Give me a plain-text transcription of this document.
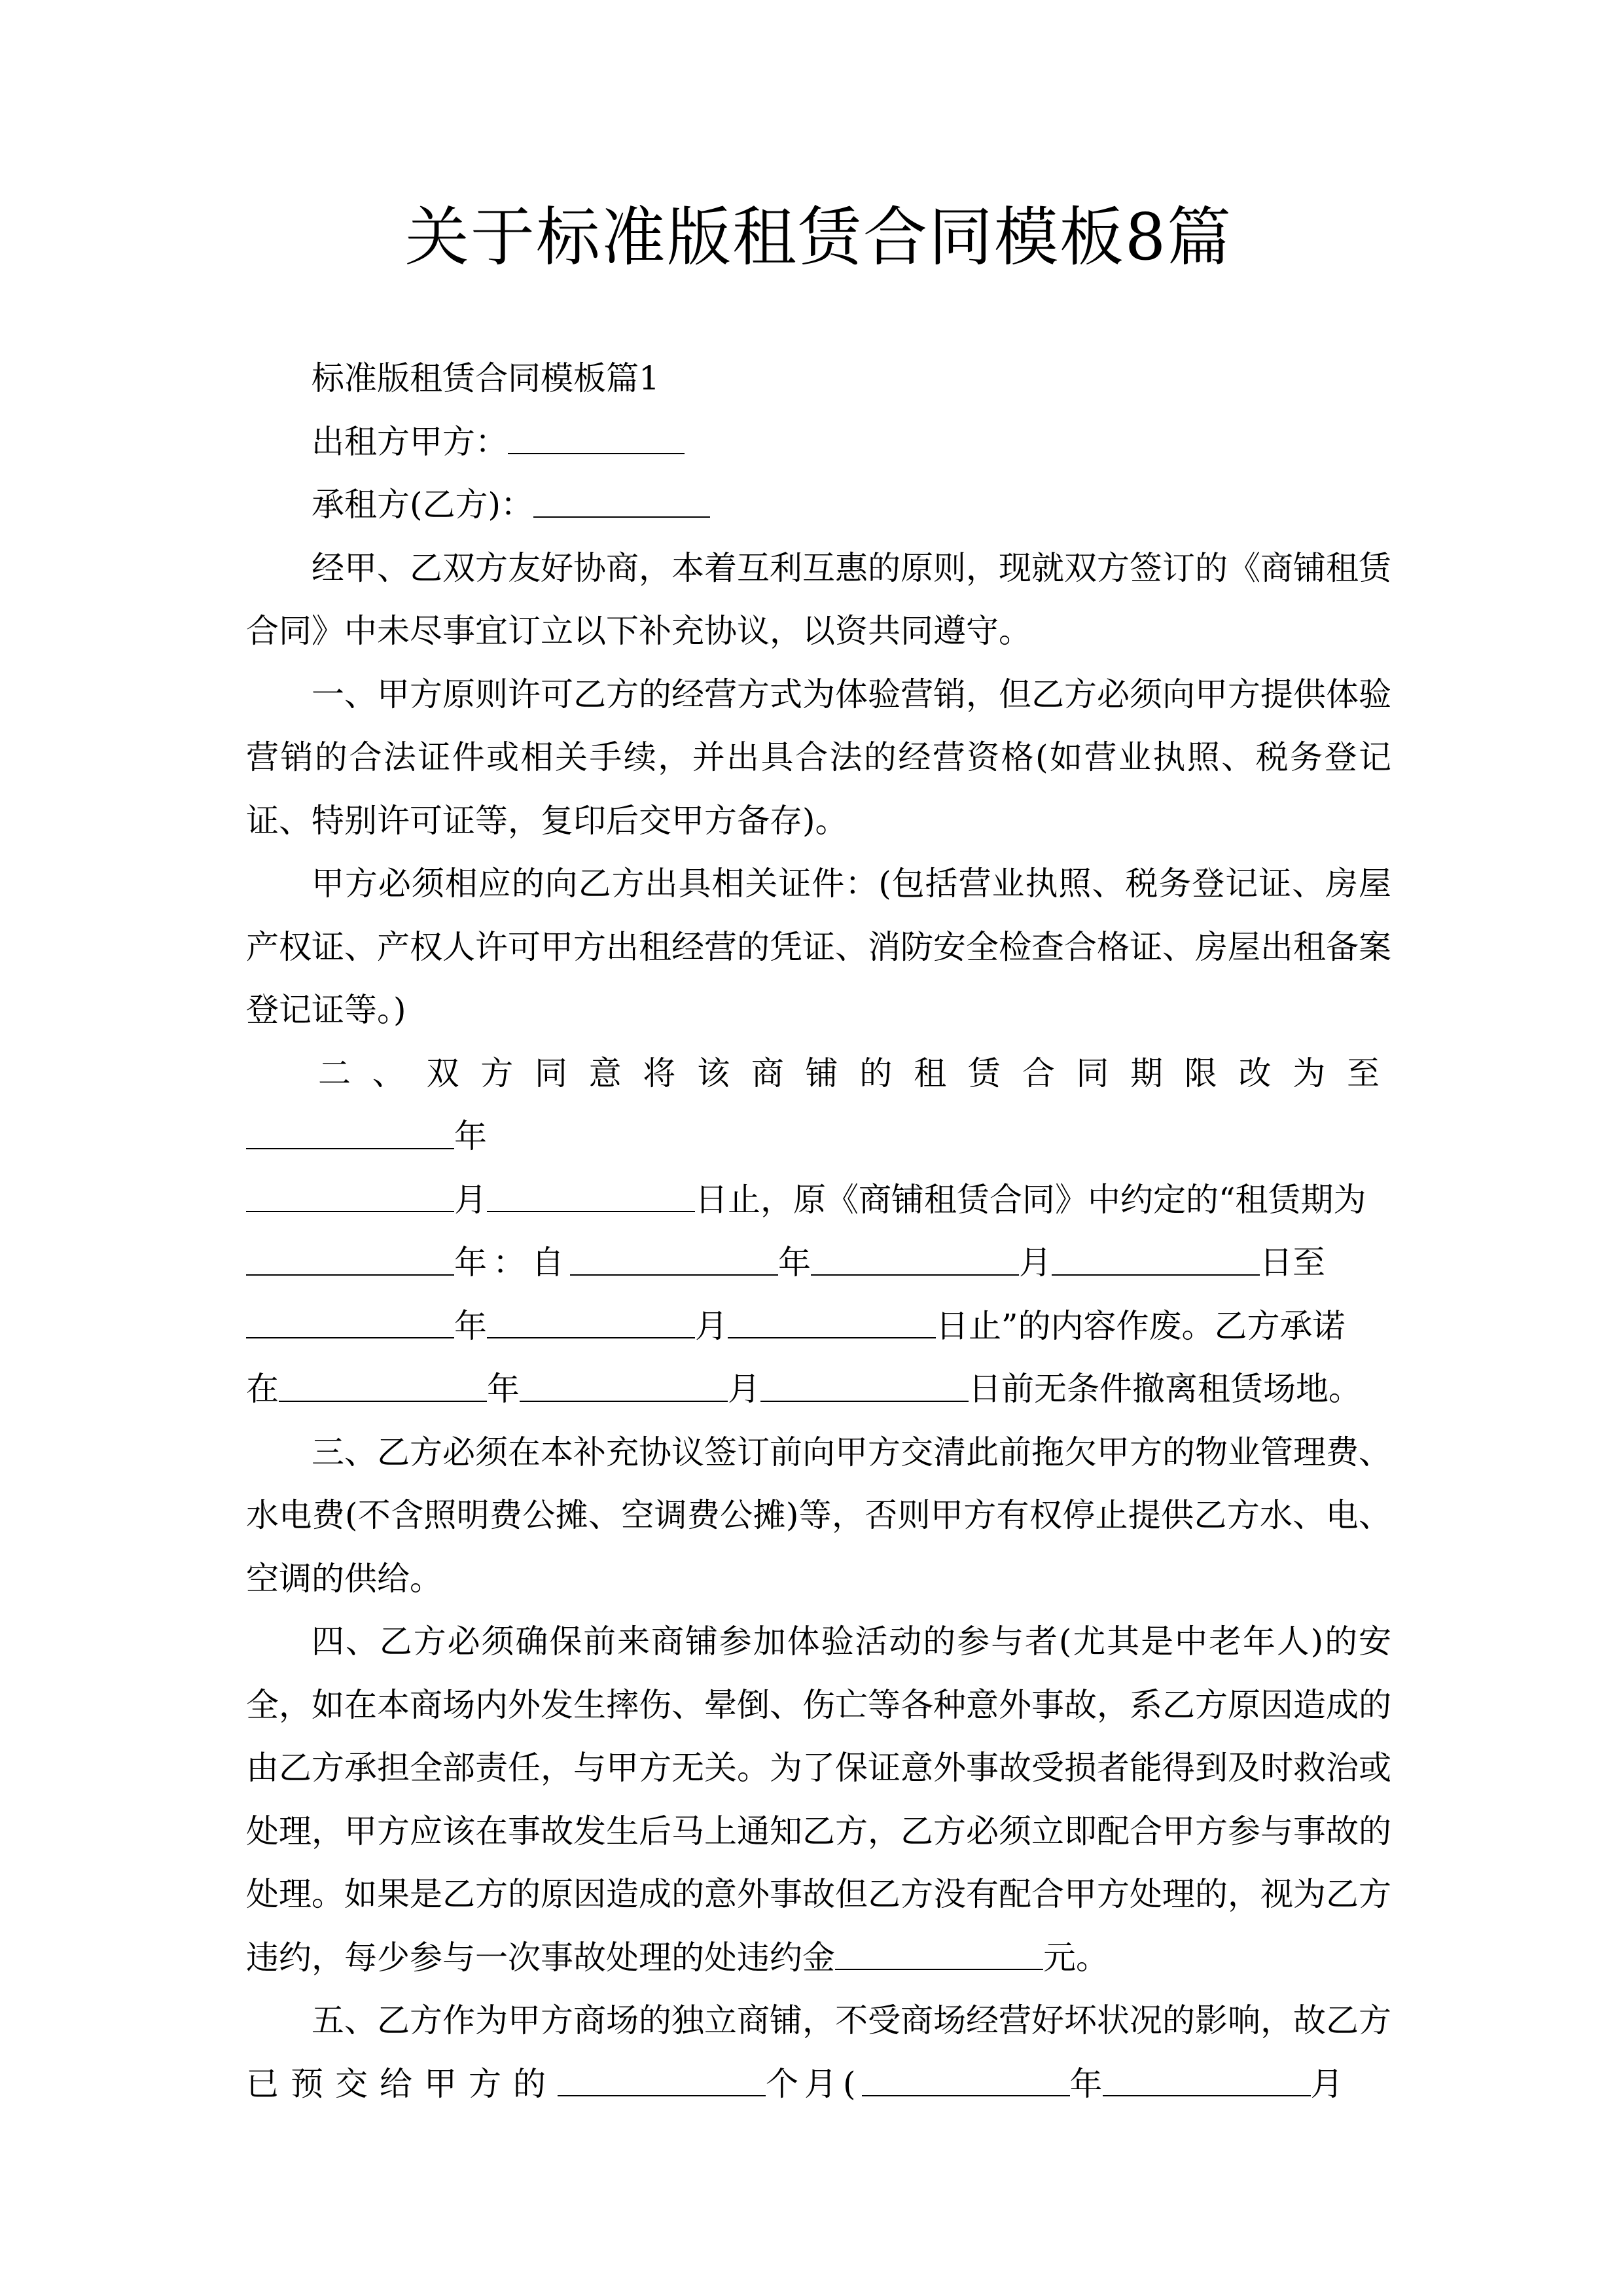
关于标准版租赁合同模板8篇

标准版租赁合同模板篇1

出租方甲方：

承租方(乙方)：

经甲、乙双方友好协商，本着互利互惠的原则，现就双方签订的《商铺租赁合同》中未尽事宜订立以下补充协议，以资共同遵守。

一、甲方原则许可乙方的经营方式为体验营销，但乙方必须向甲方提供体验营销的合法证件或相关手续，并出具合法的经营资格(如营业执照、税务登记证、特别许可证等，复印后交甲方备存)。

甲方必须相应的向乙方出具相关证件：(包括营业执照、税务登记证、房屋产权证、产权人许可甲方出租经营的凭证、消防安全检查合格证、房屋出租备案登记证等。)

二、双方同意将该商铺的租赁合同期限改为至年
月	日止，原《商铺租赁合同》中约定的“租赁期为
年：自	年	月	日至
年	月	日止”的内容作废。乙方承诺
在	年	月	日前无条件撤离租赁场地。

三、乙方必须在本补充协议签订前向甲方交清此前拖欠甲方的物业管理费、水电费(不含照明费公摊、空调费公摊)等，否则甲方有权停止提供乙方水、电、空调的供给。

四、乙方必须确保前来商铺参加体验活动的参与者(尤其是中老年人)的安全，如在本商场内外发生摔伤、晕倒、伤亡等各种意外事故，系乙方原因造成的由乙方承担全部责任，与甲方无关。为了保证意外事故受损者能得到及时救治或处理，甲方应该在事故发生后马上通知乙方，乙方必须立即配合甲方参与事故的处理。如果是乙方的原因造成的意外事故但乙方没有配合甲方处理的，视为乙方违约，每少参与一次事故处理的处违约金	元。

五、乙方作为甲方商场的独立商铺，不受商场经营好坏状况的影响，故乙方
已预交给甲方的	个月(	年	月
